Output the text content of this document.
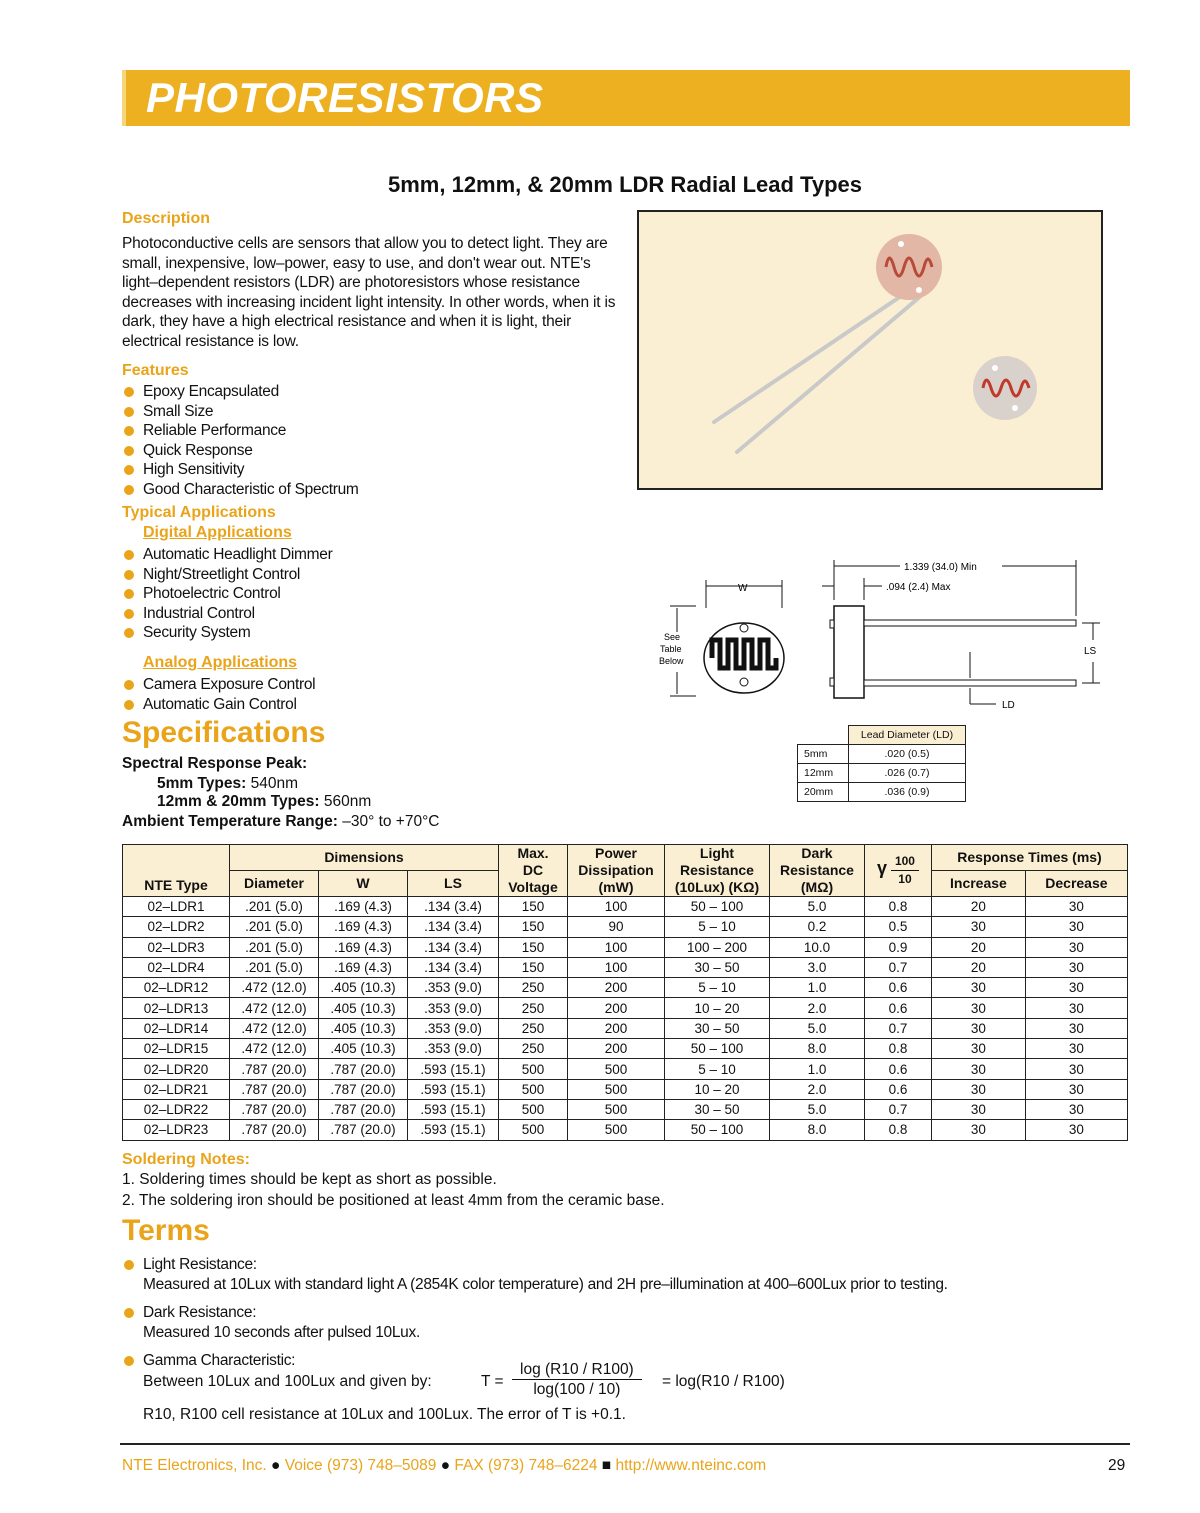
PHOTORESISTORS
5mm, 12mm, & 20mm LDR Radial Lead Types
Description
Photoconductive cells are sensors that allow you to detect light. They are small, inexpensive, low–power, easy to use, and don't wear out. NTE's light–dependent resistors (LDR) are photoresistors whose resistance decreases with increasing incident light intensity. In other words, when it is dark, they have a high electrical resistance and when it is light, their electrical resistance is low.
Features
Epoxy Encapsulated
Small Size
Reliable Performance
Quick Response
High Sensitivity
Good Characteristic of Spectrum
Typical Applications
Digital Applications
Automatic Headlight Dimmer
Night/Streetlight Control
Photoelectric Control
Industrial Control
Security System
Analog Applications
Camera Exposure Control
Automatic Gain Control
W
See
Table
Below
1.339 (34.0) Min
.094 (2.4) Max
LS
LD
	Lead Diameter (LD)
5mm	.020 (0.5)
12mm	.026 (0.7)
20mm	.036 (0.9)
Specifications
Spectral Response Peak:
5mm Types: 540nm
12mm & 20mm Types: 560nm
Ambient Temperature Range: –30° to +70°C
NTE Type	Dimensions			Max.
DC
Voltage	Power
Dissipation
(mW)	Light
Resistance
(10Lux) (KΩ)	Dark
Resistance
(MΩ)	γ $\frac{100}{10}$	Response Times (ms)	
	Diameter	W	LS						Increase	Decrease
02–LDR1	.201 (5.0)	.169 (4.3)	.134 (3.4)	150	100	50 – 100	5.0	0.8	20	30
02–LDR2	.201 (5.0)	.169 (4.3)	.134 (3.4)	150	90	5 – 10	0.2	0.5	30	30
02–LDR3	.201 (5.0)	.169 (4.3)	.134 (3.4)	150	100	100 – 200	10.0	0.9	20	30
02–LDR4	.201 (5.0)	.169 (4.3)	.134 (3.4)	150	100	30 – 50	3.0	0.7	20	30
02–LDR12	.472 (12.0)	.405 (10.3)	.353 (9.0)	250	200	5 – 10	1.0	0.6	30	30
02–LDR13	.472 (12.0)	.405 (10.3)	.353 (9.0)	250	200	10 – 20	2.0	0.6	30	30
02–LDR14	.472 (12.0)	.405 (10.3)	.353 (9.0)	250	200	30 – 50	5.0	0.7	30	30
02–LDR15	.472 (12.0)	.405 (10.3)	.353 (9.0)	250	200	50 – 100	8.0	0.8	30	30
02–LDR20	.787 (20.0)	.787 (20.0)	.593 (15.1)	500	500	5 – 10	1.0	0.6	30	30
02–LDR21	.787 (20.0)	.787 (20.0)	.593 (15.1)	500	500	10 – 20	2.0	0.6	30	30
02–LDR22	.787 (20.0)	.787 (20.0)	.593 (15.1)	500	500	30 – 50	5.0	0.7	30	30
02–LDR23	.787 (20.0)	.787 (20.0)	.593 (15.1)	500	500	50 – 100	8.0	0.8	30	30
Soldering Notes:
1. Soldering times should be kept as short as possible.
2. The soldering iron should be positioned at least 4mm from the ceramic base.
Terms
Light Resistance:
Measured at 10Lux with standard light A (2854K color temperature) and 2H pre–illumination at 400–600Lux prior to testing.
Dark Resistance:
Measured 10 seconds after pulsed 10Lux.
Gamma Characteristic:
Between 10Lux and 100Lux and given by:	$T = \frac{\log (R10 / R100)}{\log(100 / 10)} = \log(R10 / R100)$
R10, R100 cell resistance at 10Lux and 100Lux. The error of T is +0.1.
NTE Electronics, Inc. ● Voice (973) 748–5089 ● FAX (973) 748–6224 ■ http://www.nteinc.com	29
